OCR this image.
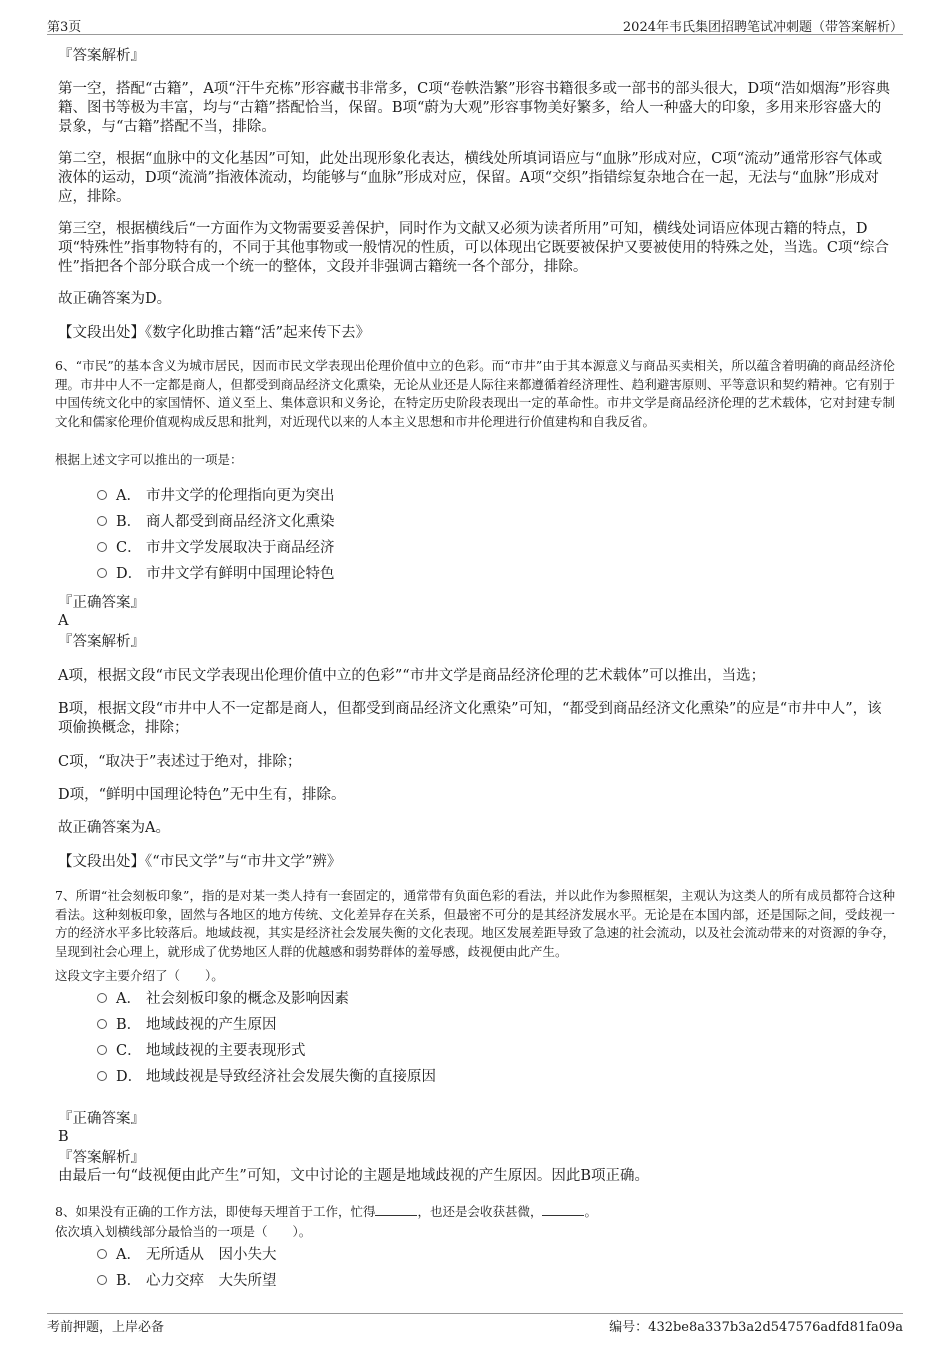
第3页	2024年韦氏集团招聘笔试冲刺题（带答案解析）

『答案解析』

第一空，搭配“古籍”，A项“汗牛充栋”形容藏书非常多，C项“卷帙浩繁”形容书籍很多或一部书的部头很大，D项“浩如烟海”形容典籍、图书等极为丰富，均与“古籍”搭配恰当，保留。B项“蔚为大观”形容事物美好繁多，给人一种盛大的印象，多用来形容盛大的景象，与“古籍”搭配不当，排除。

第二空，根据“血脉中的文化基因”可知，此处出现形象化表达，横线处所填词语应与“血脉”形成对应，C项“流动”通常形容气体或液体的运动，D项“流淌”指液体流动，均能够与“血脉”形成对应，保留。A项“交织”指错综复杂地合在一起，无法与“血脉”形成对应，排除。

第三空，根据横线后“一方面作为文物需要妥善保护，同时作为文献又必须为读者所用”可知，横线处词语应体现古籍的特点，D项“特殊性”指事物特有的，不同于其他事物或一般情况的性质，可以体现出它既要被保护又要被使用的特殊之处，当选。C项“综合性”指把各个部分联合成一个统一的整体，文段并非强调古籍统一各个部分，排除。

故正确答案为D。

【文段出处】《数字化助推古籍“活”起来传下去》

6、“市民”的基本含义为城市居民，因而市民文学表现出伦理价值中立的色彩。而“市井”由于其本源意义与商品买卖相关，所以蕴含着明确的商品经济伦理。市井中人不一定都是商人，但都受到商品经济文化熏染，无论从业还是人际往来都遵循着经济理性、趋利避害原则、平等意识和契约精神。它有别于中国传统文化中的家国情怀、道义至上、集体意识和义务论，在特定历史阶段表现出一定的革命性。市井文学是商品经济伦理的艺术载体，它对封建专制文化和儒家伦理价值观构成反思和批判，对近现代以来的人本主义思想和市井伦理进行价值建构和自我反省。

根据上述文字可以推出的一项是：

A． 市井文学的伦理指向更为突出
B． 商人都受到商品经济文化熏染
C． 市井文学发展取决于商品经济
D． 市井文学有鲜明中国理论特色

『正确答案』

A

『答案解析』

A项，根据文段“市民文学表现出伦理价值中立的色彩”“市井文学是商品经济伦理的艺术载体”可以推出，当选；

B项，根据文段“市井中人不一定都是商人，但都受到商品经济文化熏染”可知，“都受到商品经济文化熏染”的应是“市井中人”，该项偷换概念，排除；

C项，“取决于”表述过于绝对，排除；

D项，“鲜明中国理论特色”无中生有，排除。

故正确答案为A。

【文段出处】《“市民文学”与“市井文学”辨》

7、所谓“社会刻板印象”，指的是对某一类人持有一套固定的，通常带有负面色彩的看法，并以此作为参照框架，主观认为这类人的所有成员都符合这种看法。这种刻板印象，固然与各地区的地方传统、文化差异存在关系，但最密不可分的是其经济发展水平。无论是在本国内部，还是国际之间，受歧视一方的经济水平多比较落后。地域歧视，其实是经济社会发展失衡的文化表现。地区发展差距导致了急速的社会流动，以及社会流动带来的对资源的争夺，呈现到社会心理上，就形成了优势地区人群的优越感和弱势群体的羞辱感，歧视便由此产生。

这段文字主要介绍了（　　）。

A． 社会刻板印象的概念及影响因素
B． 地域歧视的产生原因
C． 地域歧视的主要表现形式
D． 地域歧视是导致经济社会发展失衡的直接原因

『正确答案』

B

『答案解析』

由最后一句“歧视便由此产生”可知，文中讨论的主题是地域歧视的产生原因。因此B项正确。

8、如果没有正确的工作方法，即使每天埋首于工作，忙得	，也还是会收获甚微，	。

依次填入划横线部分最恰当的一项是（　　）。

A． 无所适从　因小失大
B． 心力交瘁　大失所望
考前押题，上岸必备	编号：432be8a337b3a2d547576adfd81fa09a
